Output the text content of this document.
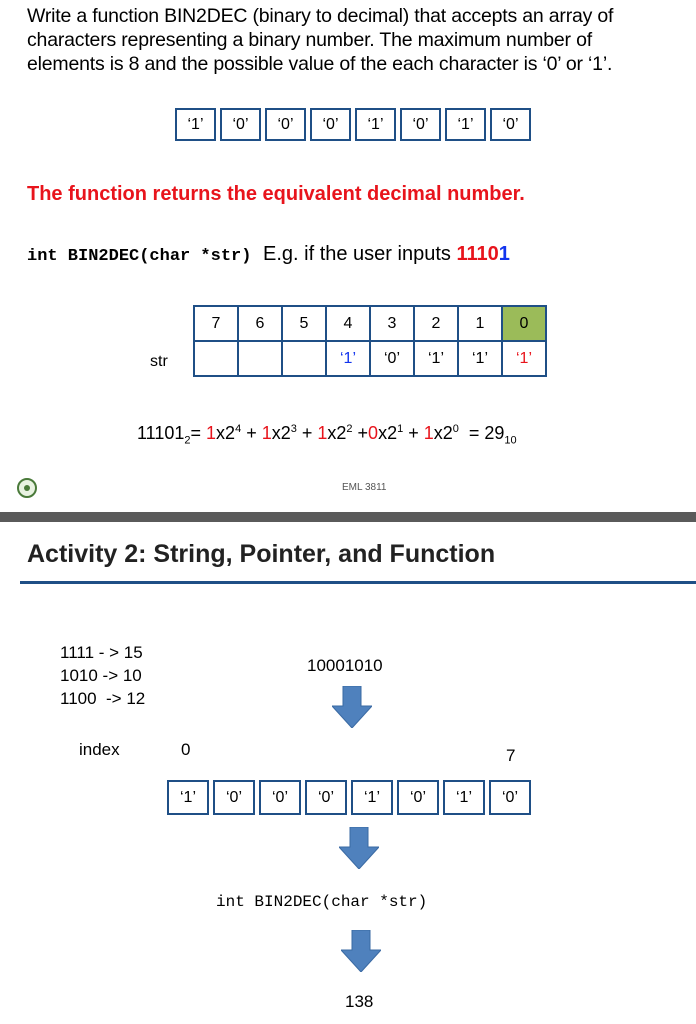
Write a function BIN2DEC (binary to decimal) that accepts an array of
characters representing a binary number. The maximum number of
elements is 8 and the possible value of the each character is ‘0’ or ‘1’.
‘1’	‘0’	‘0’	‘0’	‘1’	‘0’	‘1’	‘0’
The function returns the equivalent decimal number.
int BIN2DEC(char *str) E.g. if the user inputs 11101
7	6	5	4	3	2	1	0
			‘1’	‘0’	‘1’	‘1’	‘1’
str
$11101_2= 1x2^4 + 1x2^3 + 1x2^2 +0x2^1 + 1x2^0 = 29_{10}$
EML 3811
Activity 2: String, Pointer, and Function
1111 - > 15
1010 -> 10
1100  -> 12
10001010
index	0	7
‘1’	‘0’	‘0’	‘0’	‘1’	‘0’	‘1’	‘0’
int BIN2DEC(char *str)
138
